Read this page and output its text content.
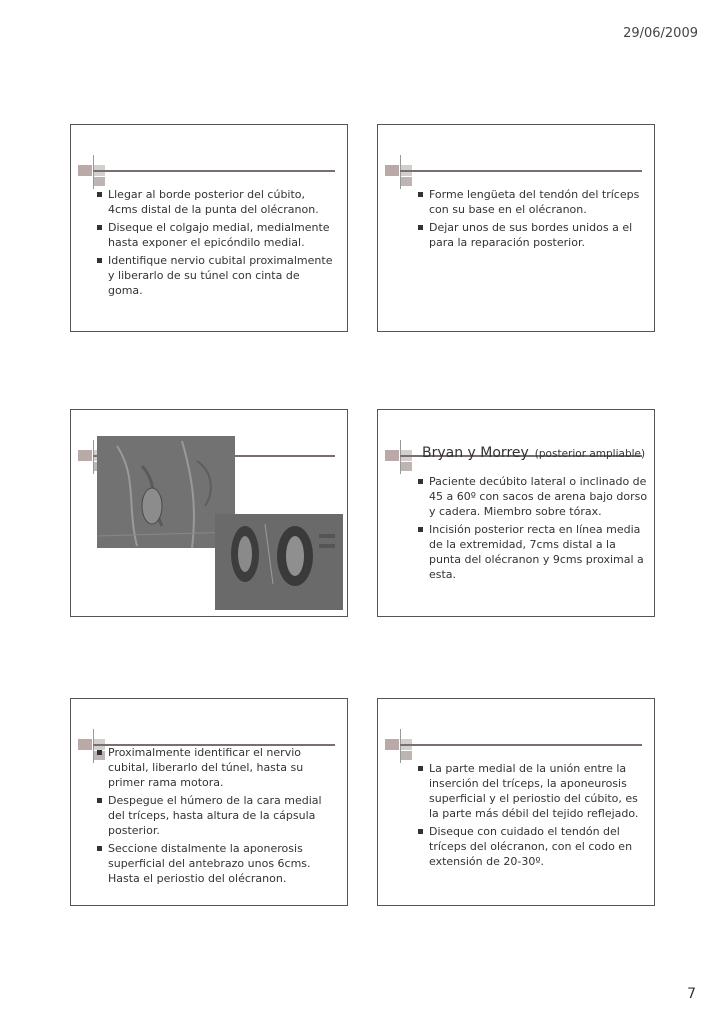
29/06/2009
Llegar al borde posterior del cúbito, 4cms distal de la punta del olécranon.
Diseque el colgajo medial, medialmente hasta exponer el epicóndilo medial.
Identifique nervio cubital proximalmente y liberarlo de su túnel con cinta de goma.
Forme lengüeta del tendón del tríceps con su base en el olécranon.
Dejar unos de sus bordes unidos a el para la reparación posterior.
Bryan y Morrey (posterior ampliable)
Paciente decúbito lateral o inclinado de 45 a 60º con sacos de arena bajo dorso y cadera. Miembro sobre tórax.
Incisión posterior recta en línea media de la extremidad, 7cms distal a la punta del olécranon y 9cms proximal a esta.
Proximalmente identificar el nervio cubital, liberarlo del túnel, hasta su primer rama motora.
Despegue el húmero de la cara medial del tríceps, hasta altura de la cápsula posterior.
Seccione distalmente la aponerosis superficial del antebrazo unos 6cms. Hasta el periostio del olécranon.
La parte medial de la unión entre la inserción del tríceps, la aponeurosis superficial y el periostio del cúbito, es la parte más débil del tejido reflejado.
Diseque con cuidado el tendón del tríceps del olécranon, con el codo en extensión de 20-30º.
7
